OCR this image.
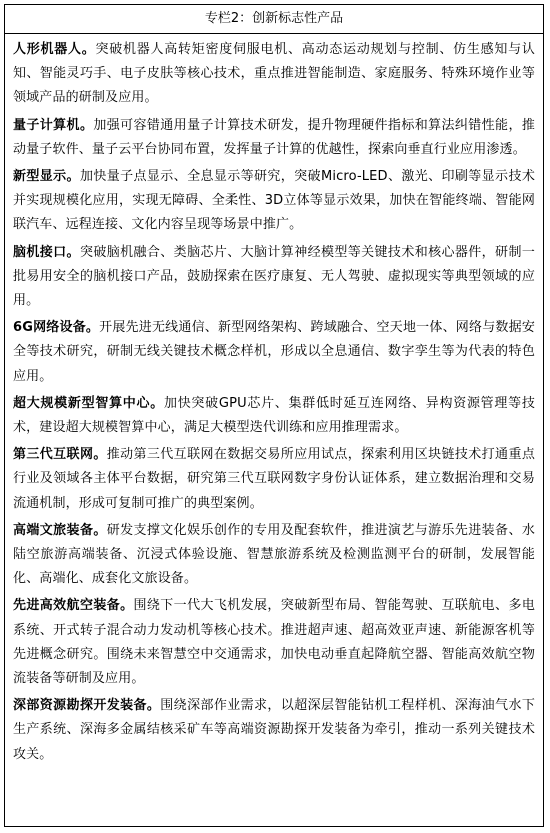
专栏2：创新标志性产品

人形机器人。突破机器人高转矩密度伺服电机、高动态运动规划与控制、仿生感知与认知、智能灵巧手、电子皮肤等核心技术，重点推进智能制造、家庭服务、特殊环境作业等领域产品的研制及应用。

量子计算机。加强可容错通用量子计算技术研发，提升物理硬件指标和算法纠错性能，推动量子软件、量子云平台协同布置，发挥量子计算的优越性，探索向垂直行业应用渗透。

新型显示。加快量子点显示、全息显示等研究，突破Micro-LED、激光、印刷等显示技术并实现规模化应用，实现无障碍、全柔性、3D立体等显示效果，加快在智能终端、智能网联汽车、远程连接、文化内容呈现等场景中推广。

脑机接口。突破脑机融合、类脑芯片、大脑计算神经模型等关键技术和核心器件，研制一批易用安全的脑机接口产品，鼓励探索在医疗康复、无人驾驶、虚拟现实等典型领域的应用。

6G网络设备。开展先进无线通信、新型网络架构、跨域融合、空天地一体、网络与数据安全等技术研究，研制无线关键技术概念样机，形成以全息通信、数字孪生等为代表的特色应用。

超大规模新型智算中心。加快突破GPU芯片、集群低时延互连网络、异构资源管理等技术，建设超大规模智算中心，满足大模型迭代训练和应用推理需求。

第三代互联网。推动第三代互联网在数据交易所应用试点，探索利用区块链技术打通重点行业及领域各主体平台数据，研究第三代互联网数字身份认证体系，建立数据治理和交易流通机制，形成可复制可推广的典型案例。

高端文旅装备。研发支撑文化娱乐创作的专用及配套软件，推进演艺与游乐先进装备、水陆空旅游高端装备、沉浸式体验设施、智慧旅游系统及检测监测平台的研制，发展智能化、高端化、成套化文旅设备。

先进高效航空装备。围绕下一代大飞机发展，突破新型布局、智能驾驶、互联航电、多电系统、开式转子混合动力发动机等核心技术。推进超声速、超高效亚声速、新能源客机等先进概念研究。围绕未来智慧空中交通需求，加快电动垂直起降航空器、智能高效航空物流装备等研制及应用。

深部资源勘探开发装备。围绕深部作业需求，以超深层智能钻机工程样机、深海油气水下生产系统、深海多金属结核采矿车等高端资源勘探开发装备为牵引，推动一系列关键技术攻关。
